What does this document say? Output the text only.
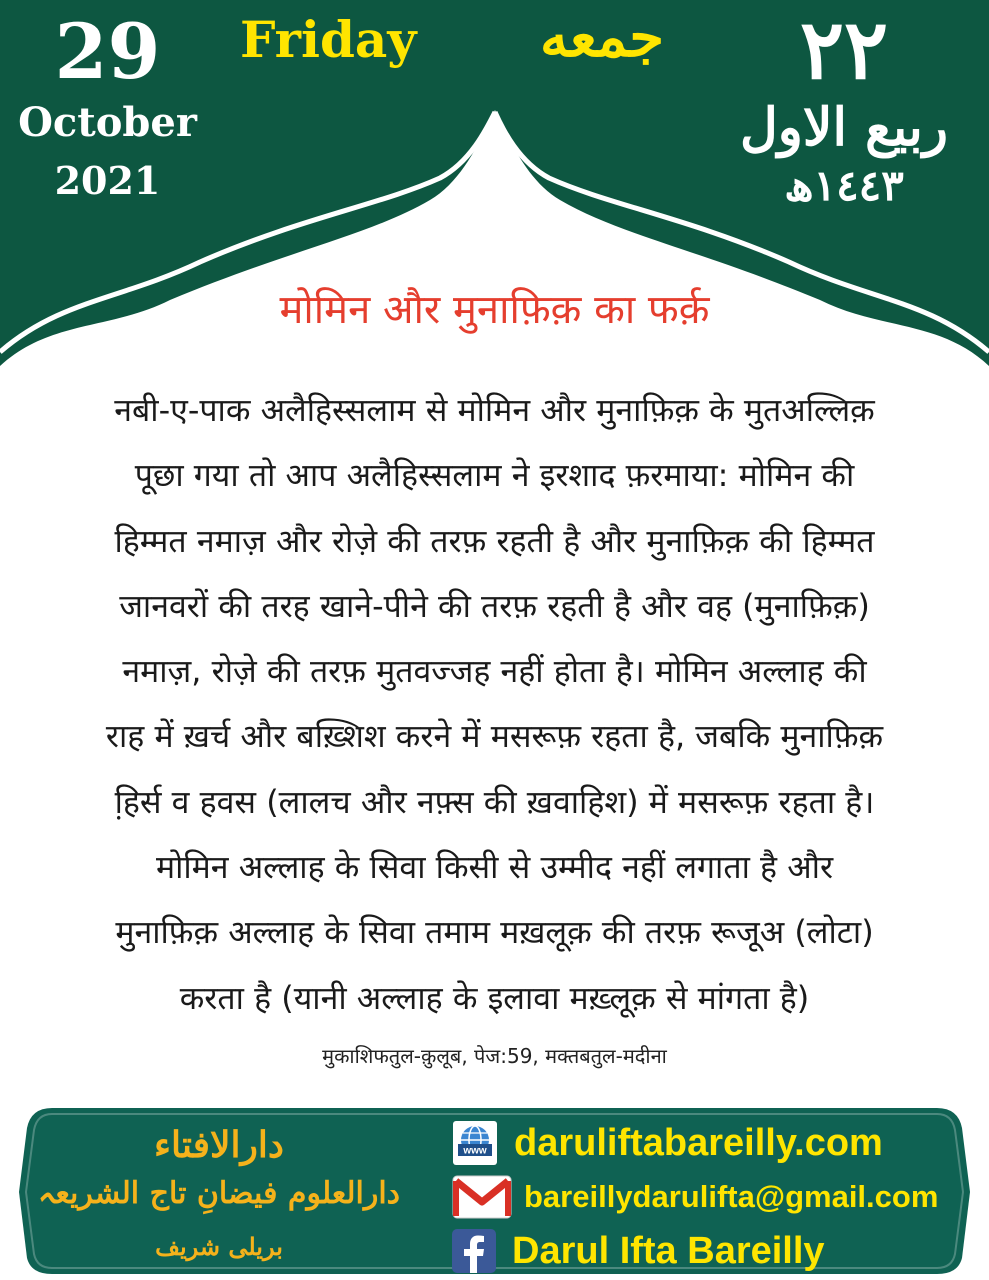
29
October
2021
Friday جمعه	٢٢
ربیع الاول
١٤٤٣ھ
मोमिन और मुनाफ़िक़ का फर्क़
नबी-ए-पाक अलैहिस्सलाम से मोमिन और मुनाफ़िक़ के मुतअल्लिक़
पूछा गया तो आप अलैहिस्सलाम ने इरशाद फ़रमाया: मोमिन की
हिम्मत नमाज़ और रोज़े की तरफ़ रहती है और मुनाफ़िक़ की हिम्मत
जानवरों की तरह खाने-पीने की तरफ़ रहती है और वह (मुनाफ़िक़)
नमाज़, रोज़े की तरफ़ मुतवज्जह नहीं होता है। मोमिन अल्लाह की
राह में ख़र्च और बख़्शिश करने में मसरूफ़ रहता है, जबकि मुनाफ़िक़
हि़र्स व हवस (लालच और नफ़्स की ख़वाहिश) में मसरूफ़ रहता है।
मोमिन अल्लाह के सिवा किसी से उम्मीद नहीं लगाता है और
मुनाफ़िक़ अल्लाह के सिवा तमाम मख़लूक़ की तरफ़ रूजूअ (लोटा)
करता है (यानी अल्लाह के इलावा मख़्लूक़ से मांगता है)
मुकाशिफतुल-क़ुलूब, पेज:59, मक्तबतुल-मदीना
دارالافتاء
دارالعلوم فیضانِ تاج الشریعہ
بریلی شریف
www daruliftabareilly.com
bareillydarulifta@gmail.com
Darul Ifta Bareilly
